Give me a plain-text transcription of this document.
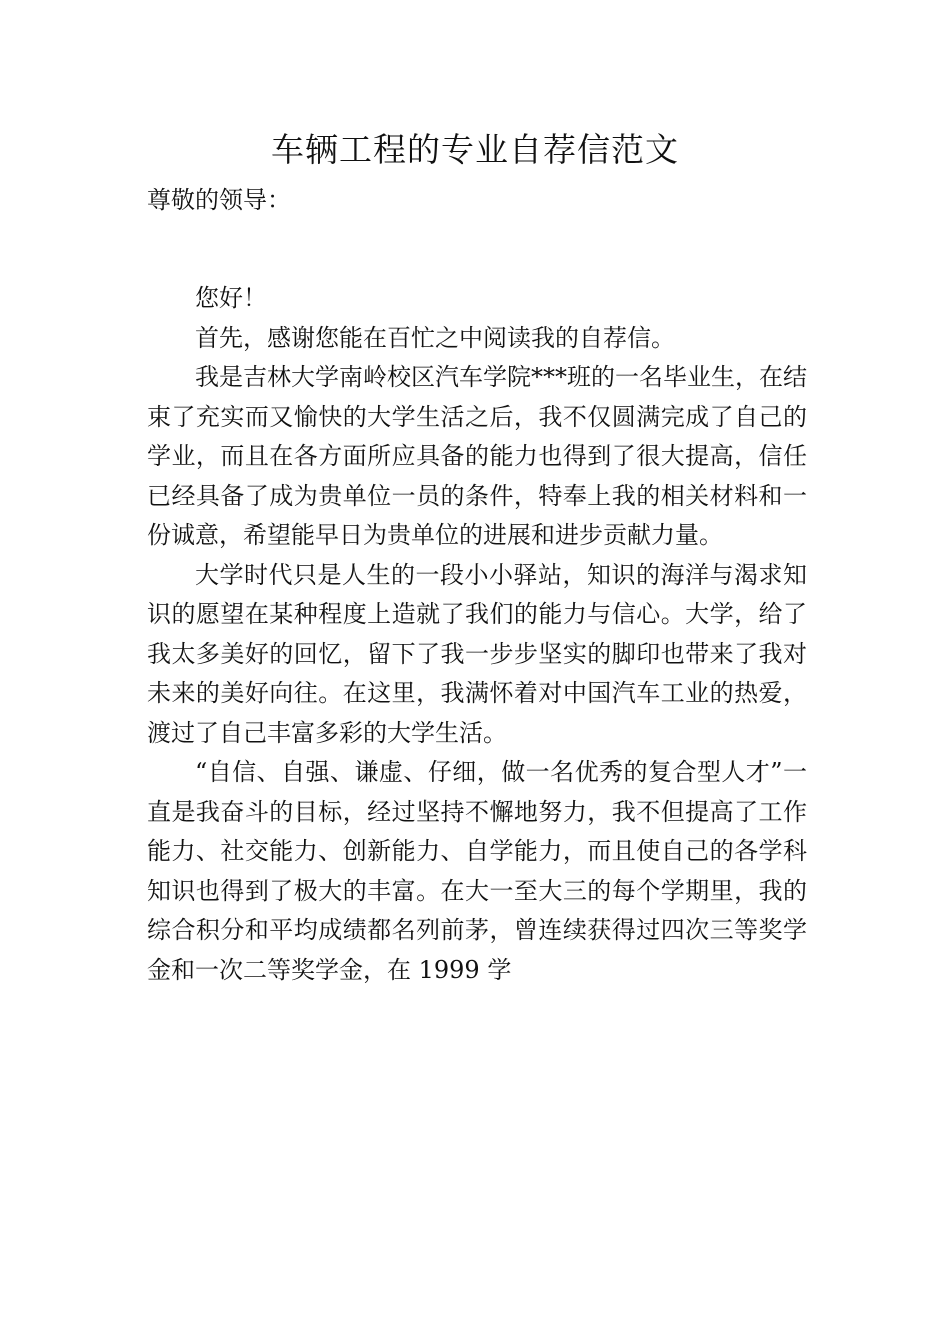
车辆工程的专业自荐信范文

尊敬的领导：

您好！

首先，感谢您能在百忙之中阅读我的自荐信。

我是吉林大学南岭校区汽车学院***班的一名毕业生，在结束了充实而又愉快的大学生活之后，我不仅圆满完成了自己的学业，而且在各方面所应具备的能力也得到了很大提高，信任已经具备了成为贵单位一员的条件，特奉上我的相关材料和一份诚意，希望能早日为贵单位的进展和进步贡献力量。

大学时代只是人生的一段小小驿站，知识的海洋与渴求知识的愿望在某种程度上造就了我们的能力与信心。大学，给了我太多美好的回忆，留下了我一步步坚实的脚印也带来了我对未来的美好向往。在这里，我满怀着对中国汽车工业的热爱，渡过了自己丰富多彩的大学生活。

“自信、自强、谦虚、仔细，做一名优秀的复合型人才”一直是我奋斗的目标，经过坚持不懈地努力，我不但提高了工作能力、社交能力、创新能力、自学能力，而且使自己的各学科知识也得到了极大的丰富。在大一至大三的每个学期里，我的综合积分和平均成绩都名列前茅，曾连续获得过四次三等奖学金和一次二等奖学金，在 1999 学
